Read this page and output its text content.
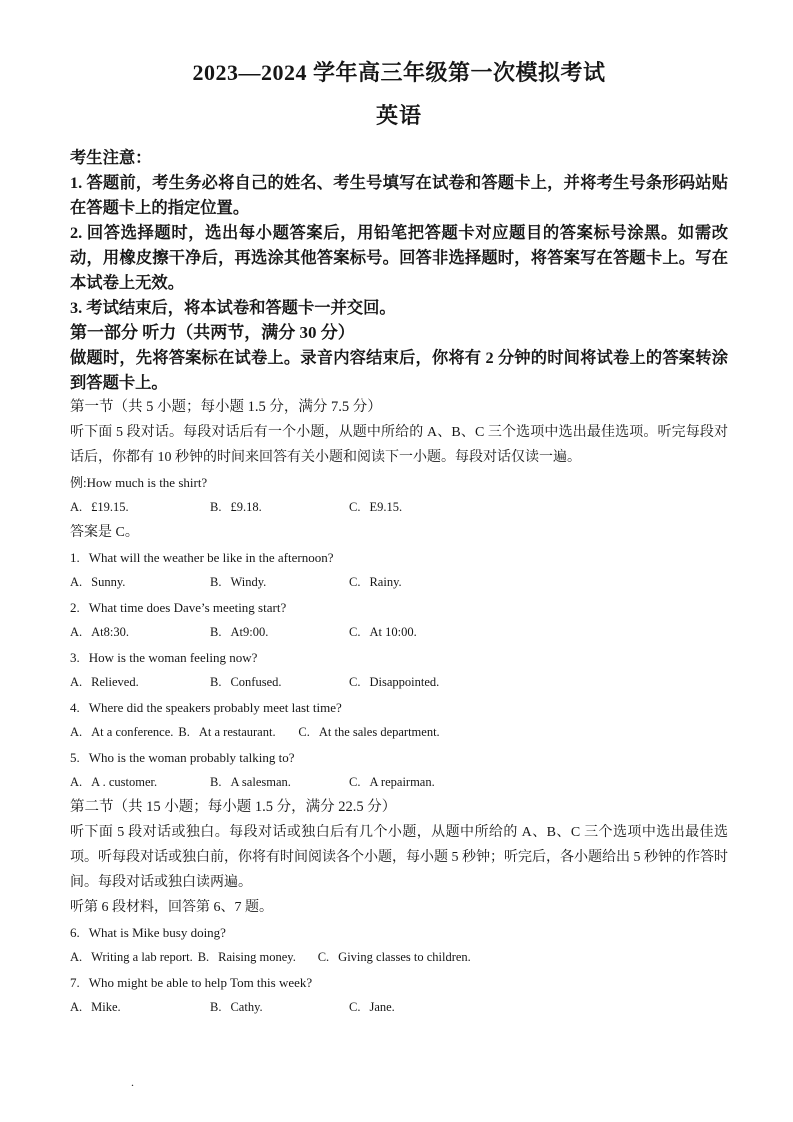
2023—2024 学年高三年级第一次模拟考试
英语

考生注意：

1. 答题前，考生务必将自己的姓名、考生号填写在试卷和答题卡上，并将考生号条形码站贴在答题卡上的指定位置。

2. 回答选择题时，选出每小题答案后，用铅笔把答题卡对应题目的答案标号涂黑。如需改动，用橡皮擦干净后，再选涂其他答案标号。回答非选择题时，将答案写在答题卡上。写在本试卷上无效。

3. 考试结束后，将本试卷和答题卡一并交回。

第一部分 听力（共两节，满分 30 分）

做题时，先将答案标在试卷上。录音内容结束后，你将有 2 分钟的时间将试卷上的答案转涂到答题卡上。

第一节（共 5 小题；每小题 1.5 分，满分 7.5 分）

听下面 5 段对话。每段对话后有一个小题，从题中所给的 A、B、C 三个选项中选出最佳选项。听完每段对话后，你都有 10 秒钟的时间来回答有关小题和阅读下一小题。每段对话仅读一遍。

例:How much is the shirt?

A. £19.15.	B. £9.18.	C. E9.15.

答案是 C。

1. What will the weather be like in the afternoon?

A. Sunny.	B. Windy.	C. Rainy.

2. What time does Dave’s meeting start?

A. At8:30.	B. At9:00.	C. At 10:00.

3. How is the woman feeling now?

A. Relieved.	B. Confused.	C. Disappointed.

4. Where did the speakers probably meet last time?

A. At a conference. B. At a restaurant.	C. At the sales department.

5. Who is the woman probably talking to?

A. A . customer.	B. A salesman.	C. A repairman.

第二节（共 15 小题；每小题 1.5 分，满分 22.5 分）

听下面 5 段对话或独白。每段对话或独白后有几个小题，从题中所给的 A、B、C 三个选项中选出最佳选项。听每段对话或独白前，你将有时间阅读各个小题，每小题 5 秒钟；听完后，各小题给出 5 秒钟的作答时间。每段对话或独白读两遍。

听第 6 段材料，回答第 6、7 题。

6. What is Mike busy doing?

A. Writing a lab report. B. Raising money.	C. Giving classes to children.

7. Who might be able to help Tom this week?

A. Mike.	B. Cathy.	C. Jane.
.
